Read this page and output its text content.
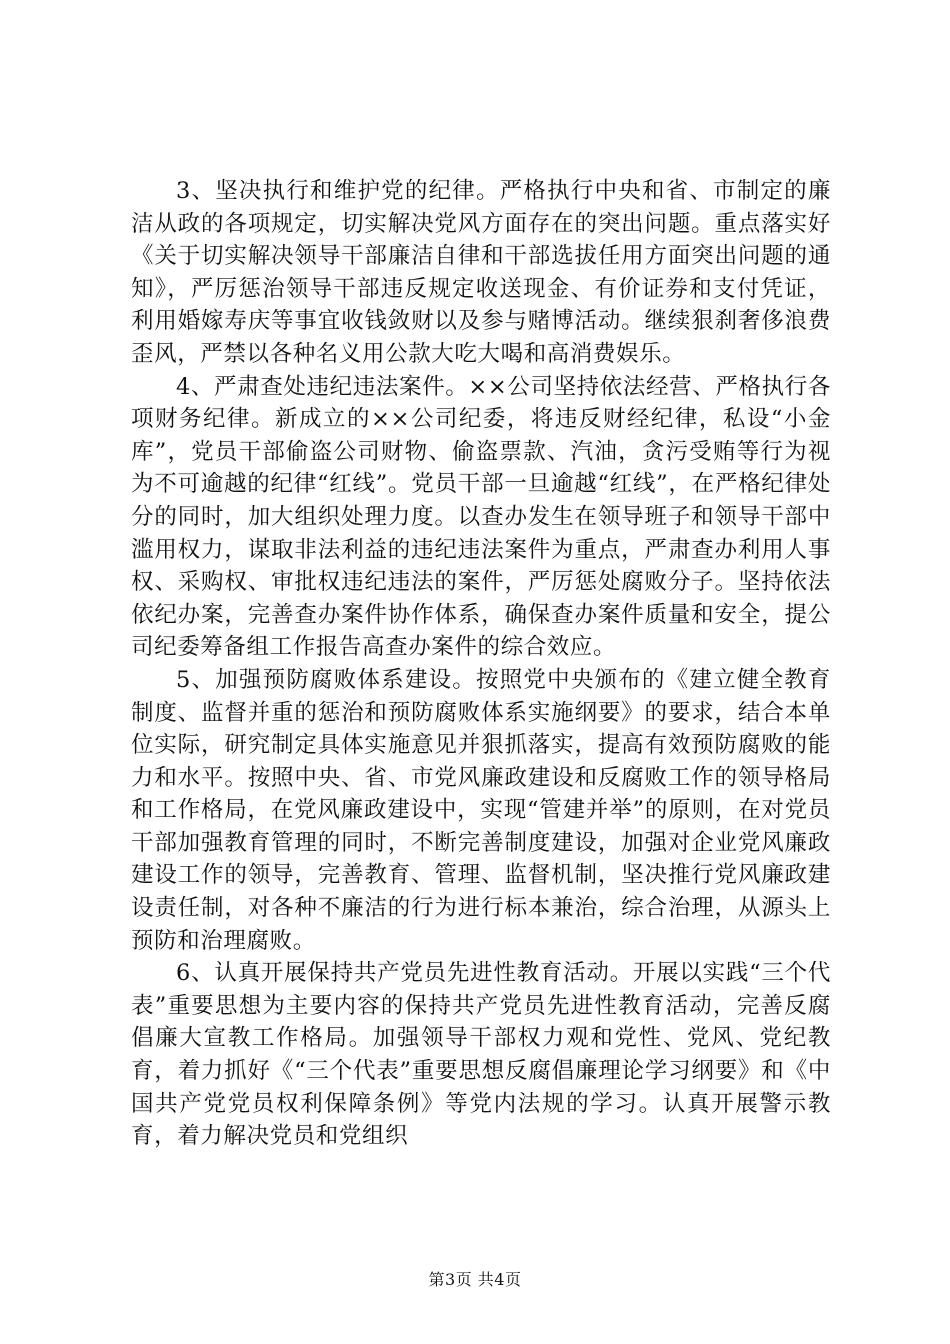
3、坚决执行和维护党的纪律。严格执行中央和省、市制定的廉洁从政的各项规定，切实解决党风方面存在的突出问题。重点落实好《关于切实解决领导干部廉洁自律和干部选拔任用方面突出问题的通知》，严厉惩治领导干部违反规定收送现金、有价证券和支付凭证，利用婚嫁寿庆等事宜收钱敛财以及参与赌博活动。继续狠刹奢侈浪费歪风，严禁以各种名义用公款大吃大喝和高消费娱乐。

4、严肃查处违纪违法案件。××公司坚持依法经营、严格执行各项财务纪律。新成立的××公司纪委，将违反财经纪律，私设“小金库”，党员干部偷盗公司财物、偷盗票款、汽油，贪污受贿等行为视为不可逾越的纪律“红线”。党员干部一旦逾越“红线”，在严格纪律处分的同时，加大组织处理力度。以查办发生在领导班子和领导干部中滥用权力，谋取非法利益的违纪违法案件为重点，严肃查办利用人事权、采购权、审批权违纪违法的案件，严厉惩处腐败分子。坚持依法依纪办案，完善查办案件协作体系，确保查办案件质量和安全，提公司纪委筹备组工作报告高查办案件的综合效应。

5、加强预防腐败体系建设。按照党中央颁布的《建立健全教育制度、监督并重的惩治和预防腐败体系实施纲要》的要求，结合本单位实际，研究制定具体实施意见并狠抓落实，提高有效预防腐败的能力和水平。按照中央、省、市党风廉政建设和反腐败工作的领导格局和工作格局，在党风廉政建设中，实现“管建并举”的原则，在对党员干部加强教育管理的同时，不断完善制度建设，加强对企业党风廉政建设工作的领导，完善教育、管理、监督机制，坚决推行党风廉政建设责任制，对各种不廉洁的行为进行标本兼治，综合治理，从源头上预防和治理腐败。

6、认真开展保持共产党员先进性教育活动。开展以实践“三个代表”重要思想为主要内容的保持共产党员先进性教育活动，完善反腐倡廉大宣教工作格局。加强领导干部权力观和党性、党风、党纪教育，着力抓好《“三个代表”重要思想反腐倡廉理论学习纲要》和《中国共产党党员权利保障条例》等党内法规的学习。认真开展警示教育，着力解决党员和党组织

第3页 共4页
